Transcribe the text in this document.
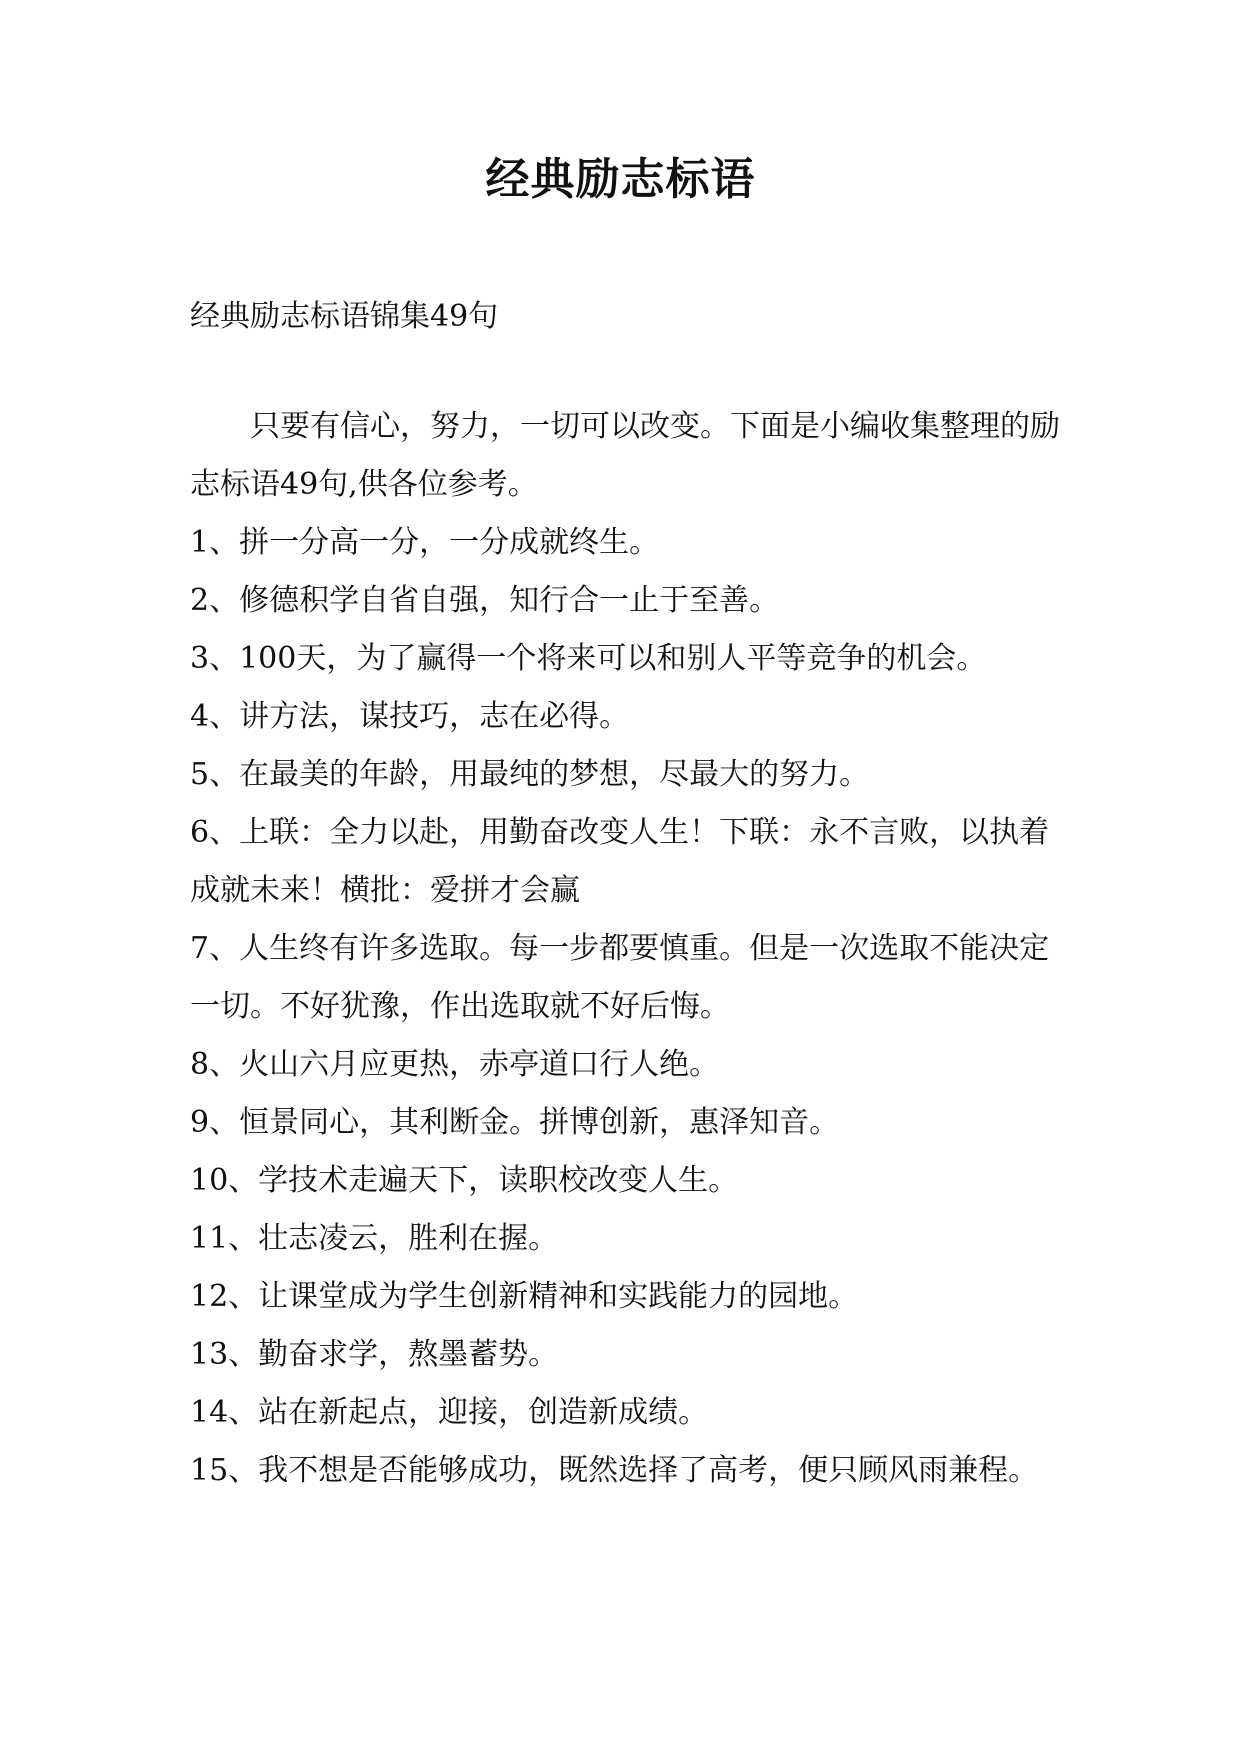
经典励志标语

经典励志标语锦集49句

只要有信心，努力，一切可以改变。下面是小编收集整理的励志标语49句,供各位参考。

1、拼一分高一分，一分成就终生。
2、修德积学自省自强，知行合一止于至善。
3、100天，为了赢得一个将来可以和别人平等竞争的机会。
4、讲方法，谋技巧，志在必得。
5、在最美的年龄，用最纯的梦想，尽最大的努力。
6、上联：全力以赴，用勤奋改变人生！下联：永不言败，以执着成就未来！横批：爱拼才会赢
7、人生终有许多选取。每一步都要慎重。但是一次选取不能决定一切。不好犹豫，作出选取就不好后悔。
8、火山六月应更热，赤亭道口行人绝。
9、恒景同心，其利断金。拼博创新，惠泽知音。
10、学技术走遍天下，读职校改变人生。
11、壮志凌云，胜利在握。
12、让课堂成为学生创新精神和实践能力的园地。
13、勤奋求学，熬墨蓄势。
14、站在新起点，迎接，创造新成绩。
15、我不想是否能够成功，既然选择了高考，便只顾风雨兼程。
